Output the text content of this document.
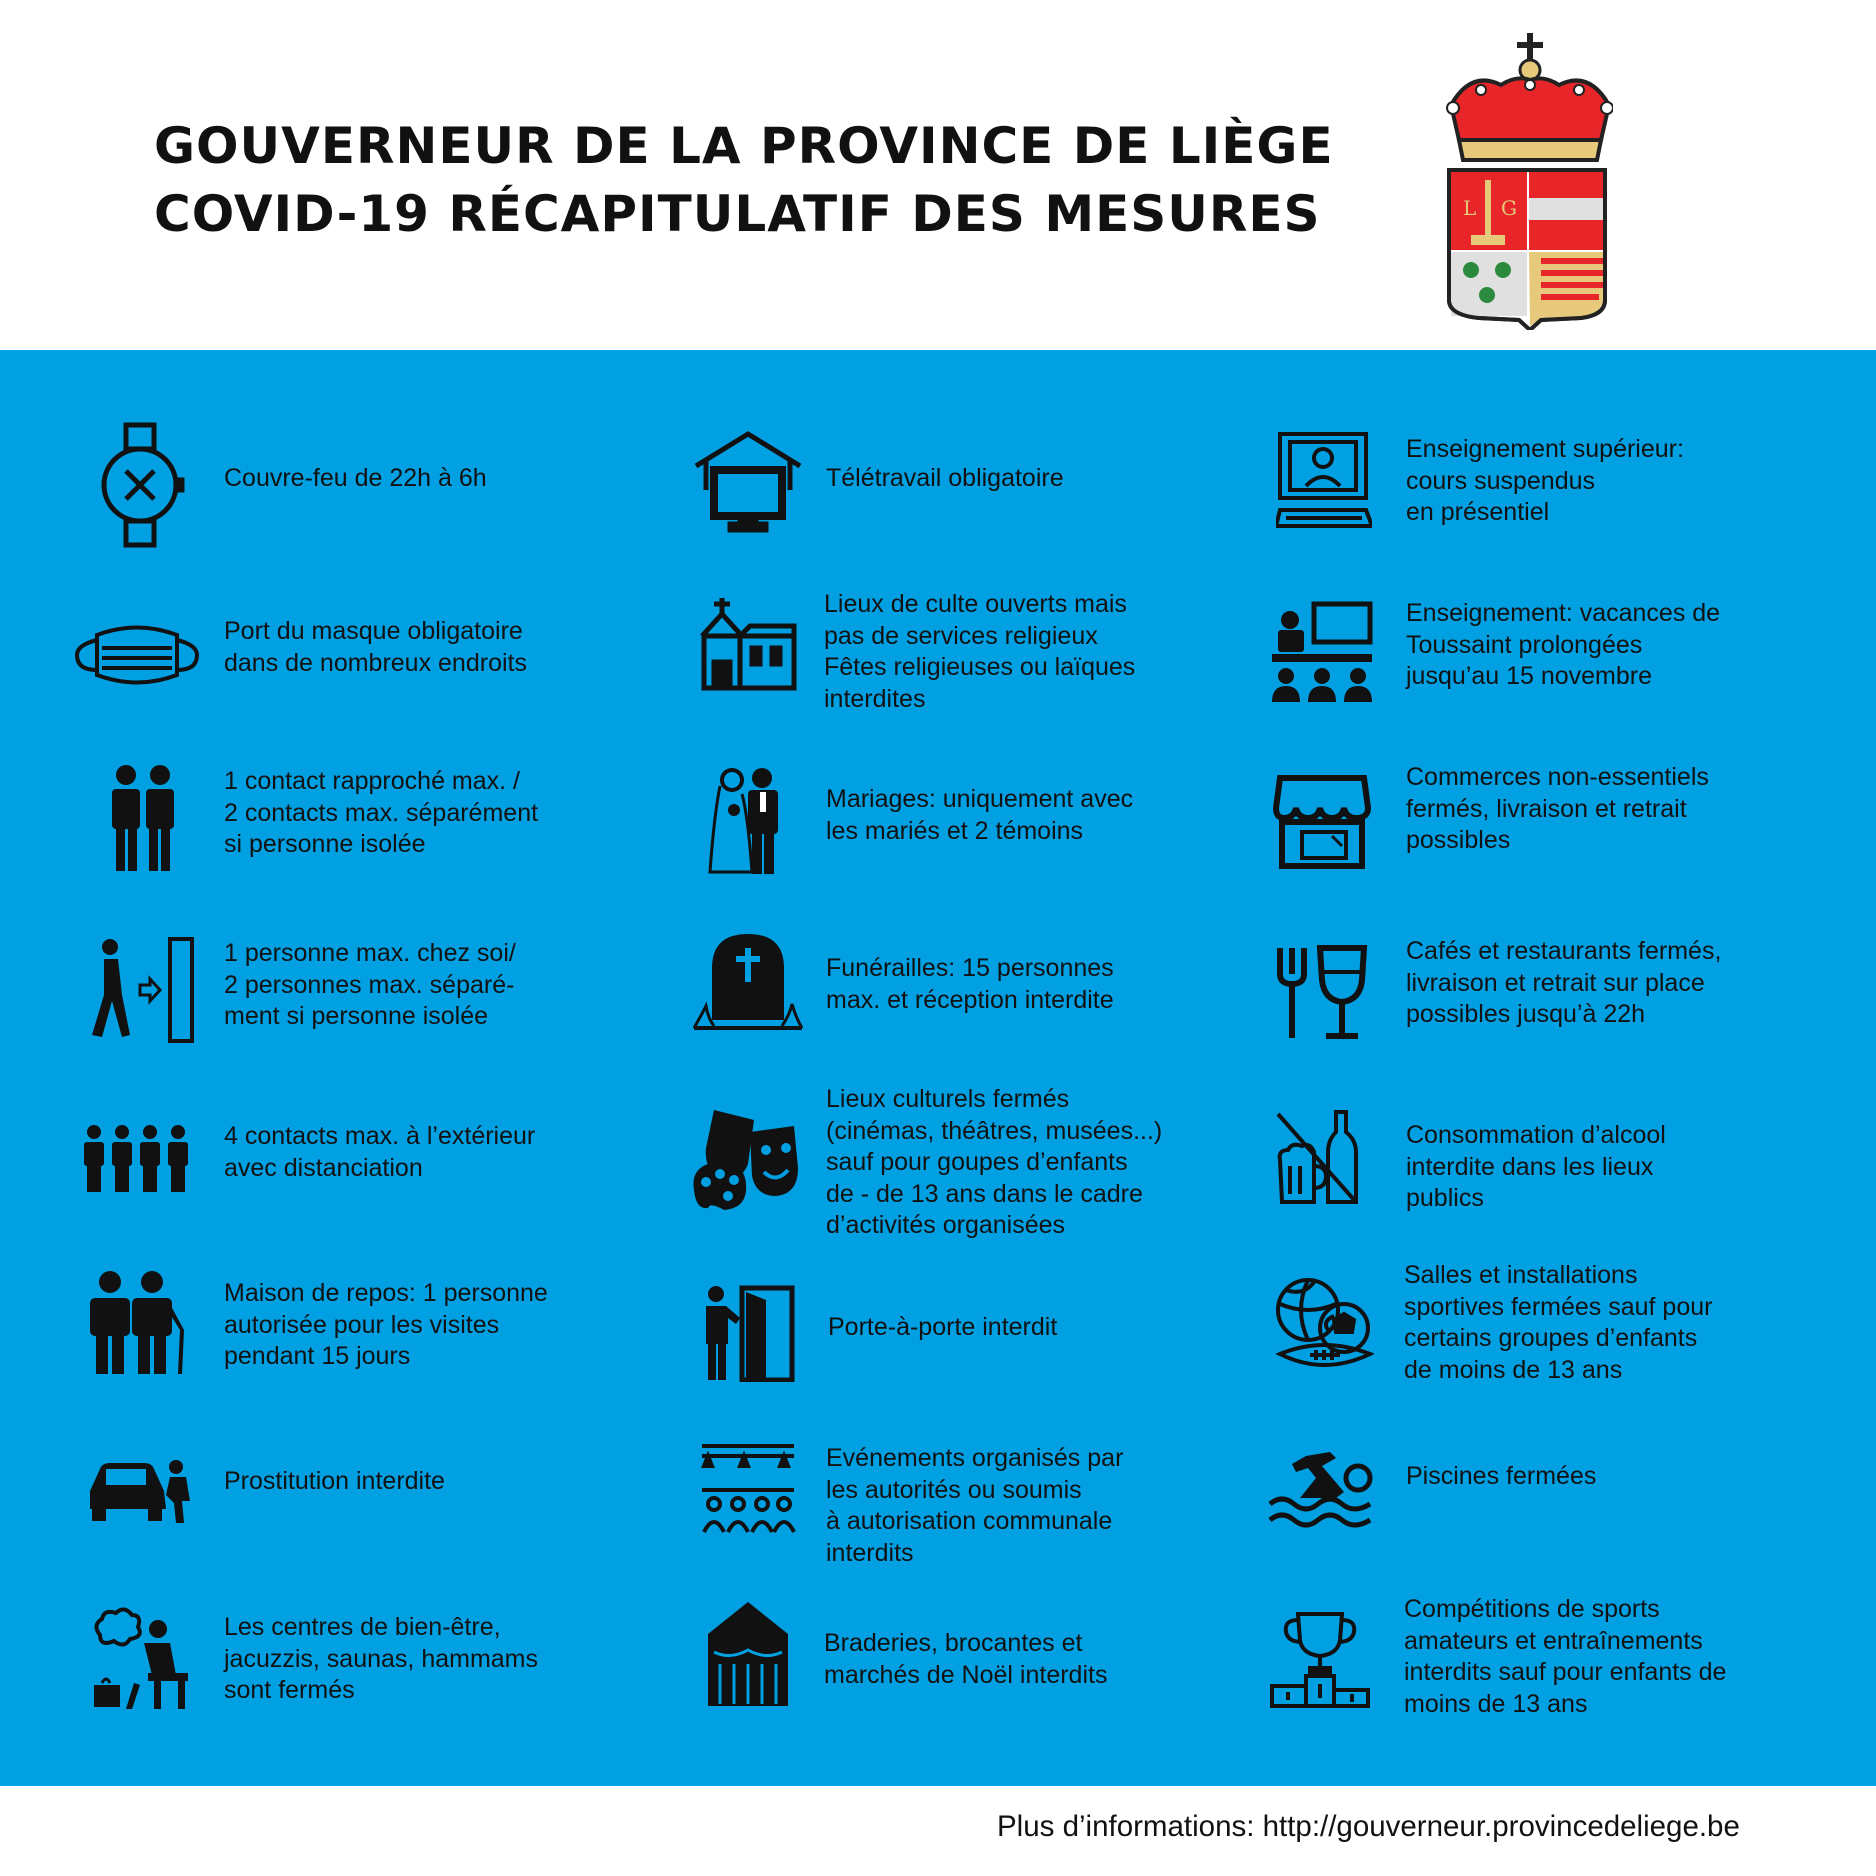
GOUVERNEUR DE LA PROVINCE DE LIÈGE
COVID-19 RÉCAPITULATIF DES MESURES	L G
Couvre-feu de 22h à 6h
Port du masque obligatoire
dans de nombreux endroits
1 contact rapproché max. /
2 contacts max. séparément
si personne isolée
1 personne max. chez soi/
2 personnes max. séparé-
ment si personne isolée
4 contacts max. à l’extérieur
avec distanciation
Maison de repos: 1 personne
autorisée pour les visites
pendant 15 jours
Prostitution interdite
Les centres de bien-être,
jacuzzis, saunas, hammams
sont fermés
Télétravail obligatoire
Lieux de culte ouverts mais
pas de services religieux
Fêtes religieuses ou laïques
interdites
Mariages: uniquement avec
les mariés et 2 témoins
Funérailles: 15 personnes
max. et réception interdite
Lieux culturels fermés
(cinémas, théâtres, musées...)
sauf pour goupes d’enfants
de - de 13 ans dans le cadre
d’activités organisées
Porte-à-porte interdit
Evénements organisés par
les autorités ou soumis
à autorisation communale
interdits
Braderies, brocantes et
marchés de Noël interdits
Enseignement supérieur:
cours suspendus
en présentiel
Enseignement: vacances de
Toussaint prolongées
jusqu’au 15 novembre
Commerces non-essentiels
fermés, livraison et retrait
possibles
Cafés et restaurants fermés,
livraison et retrait sur place
possibles jusqu’à 22h
Consommation d’alcool
interdite dans les lieux
publics
Salles et installations
sportives fermées sauf pour
certains groupes d’enfants
de moins de 13 ans
Piscines fermées
Compétitions de sports
amateurs et entraînements
interdits sauf pour enfants de
moins de 13 ans
Plus d’informations: http://gouverneur.provincedeliege.be
